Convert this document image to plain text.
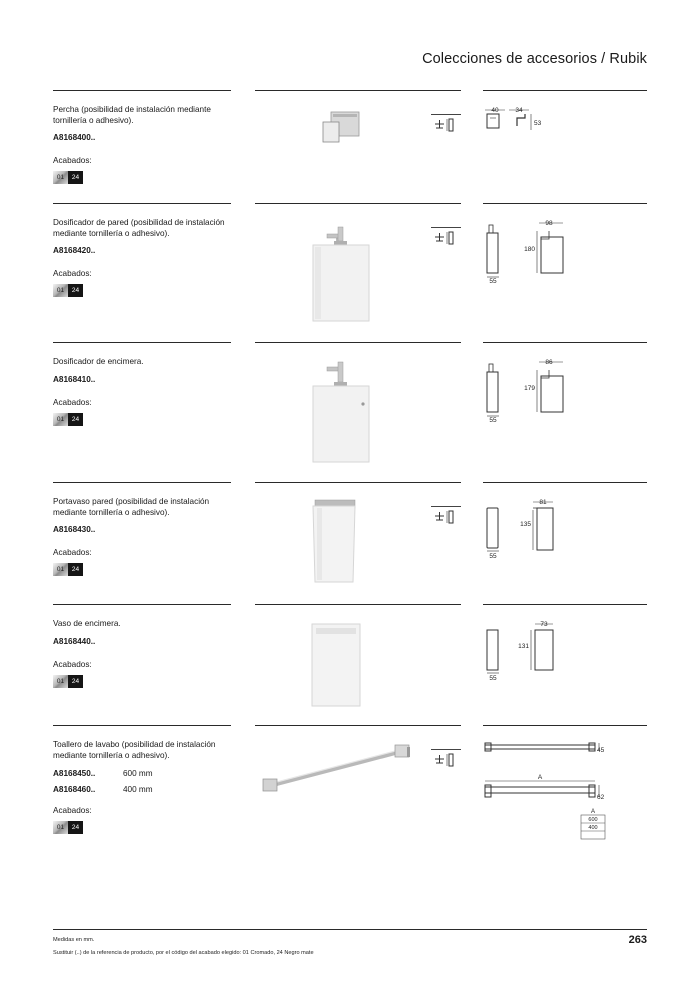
Colecciones de accesorios / Rubik
Percha (posibilidad de instalación mediante tornillería o adhesivo).
A8168400..
Acabados:
01	24
40	34
53
Dosificador de pared (posibilidad de instalación mediante tornillería o adhesivo).
A8168420..
Acabados:
01	24
55
98
180
Dosificador de encimera.
A8168410..
Acabados:
01	24	55
86
179
Portavaso pared (posibilidad de instalación mediante tornillería o adhesivo).
A8168430..
Acabados:
01	24
55
81
135
Vaso de encimera.
A8168440..
Acabados:
01	24	55
73
131
Toallero de lavabo (posibilidad de instalación mediante tornillería o adhesivo).
A8168450..	600 mm
A8168460..	400 mm
Acabados:
01	24
45
A
62
A
600
400
Medidas en mm.
Sustituir (..) de la referencia de producto, por el código del acabado elegido: 01 Cromado, 24 Negro mate
263
